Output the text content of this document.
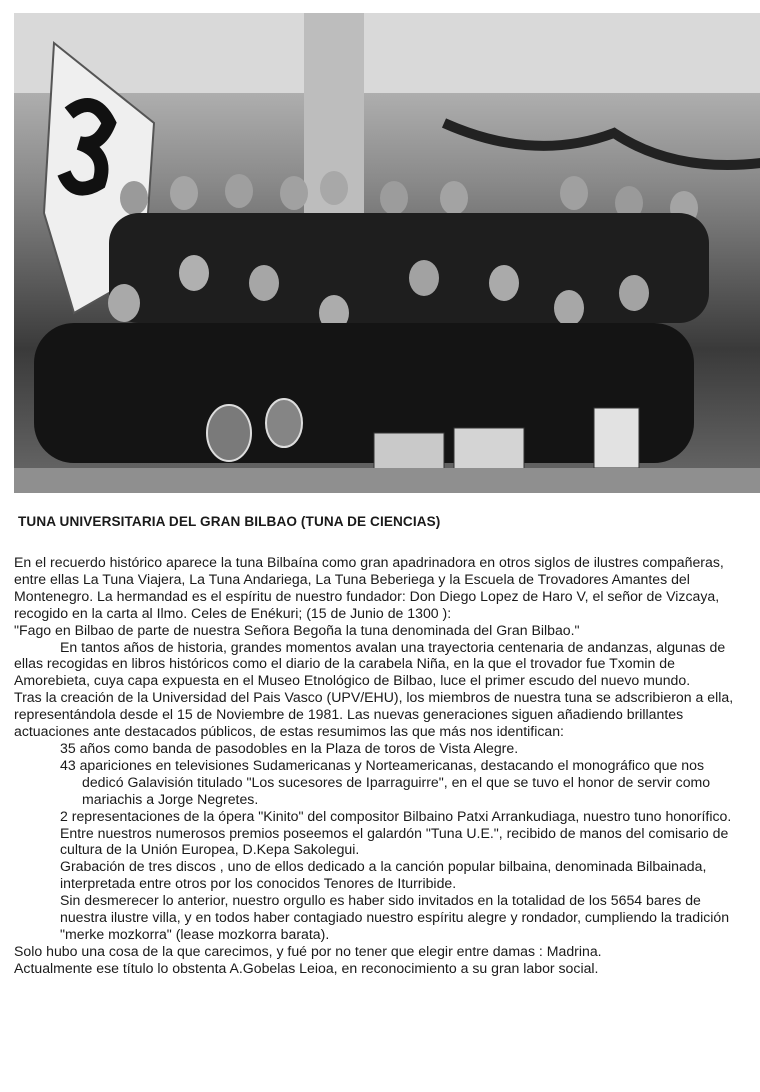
TUNA UNIVERSITARIA DEL GRAN BILBAO (TUNA DE CIENCIAS)

En el recuerdo histórico aparece la tuna Bilbaína como gran apadrinadora en otros siglos de ilustres compañeras, entre ellas La Tuna Viajera, La Tuna Andariega, La Tuna Beberiega y la Escuela de Trovadores Amantes del Montenegro. La hermandad es el espíritu de nuestro fundador: Don Diego Lopez de Haro V, el señor de Vizcaya, recogido en la carta al Ilmo. Celes de Enékuri; (15 de Junio de 1300 ):

"Fago en Bilbao de parte de nuestra Señora Begoña la tuna denominada del Gran Bilbao."

En tantos años de historia, grandes momentos avalan una trayectoria centenaria de andanzas, algunas de ellas recogidas en libros históricos como el diario de la carabela Niña, en la que el trovador fue Txomin de Amorebieta, cuya capa expuesta en el Museo Etnológico de Bilbao, luce el primer escudo del nuevo mundo.

Tras la creación de la Universidad del Pais Vasco (UPV/EHU), los miembros de nuestra tuna se adscribieron a ella, representándola desde el 15 de Noviembre de 1981. Las nuevas generaciones siguen añadiendo brillantes actuaciones ante destacados públicos, de estas resumimos las que más nos identifican:

35 años como banda de pasodobles en la Plaza de toros de Vista Alegre.

43 apariciones en televisiones Sudamericanas y Norteamericanas, destacando el monográfico que nos dedicó Galavisión titulado "Los sucesores de Iparraguirre", en el que se tuvo el honor de servir como mariachis a Jorge Negretes.

2 representaciones de la ópera "Kinito" del compositor Bilbaino Patxi Arrankudiaga, nuestro tuno honorífico.

Entre nuestros numerosos premios poseemos el galardón "Tuna U.E.", recibido de manos del comisario de cultura de la Unión Europea, D.Kepa Sakolegui.

Grabación de tres discos , uno de ellos dedicado a la canción popular bilbaina, denominada Bilbainada, interpretada entre otros por los conocidos Tenores de Iturribide.

Sin desmerecer lo anterior, nuestro orgullo es haber sido invitados en la totalidad de los 5654 bares de nuestra ilustre villa, y en todos haber contagiado nuestro espíritu alegre y rondador, cumpliendo la tradición "merke mozkorra" (lease mozkorra barata).

Solo hubo una cosa de la que carecimos, y fué por no tener que elegir entre damas : Madrina.

Actualmente ese título lo obstenta A.Gobelas Leioa, en reconocimiento a su gran labor social.
